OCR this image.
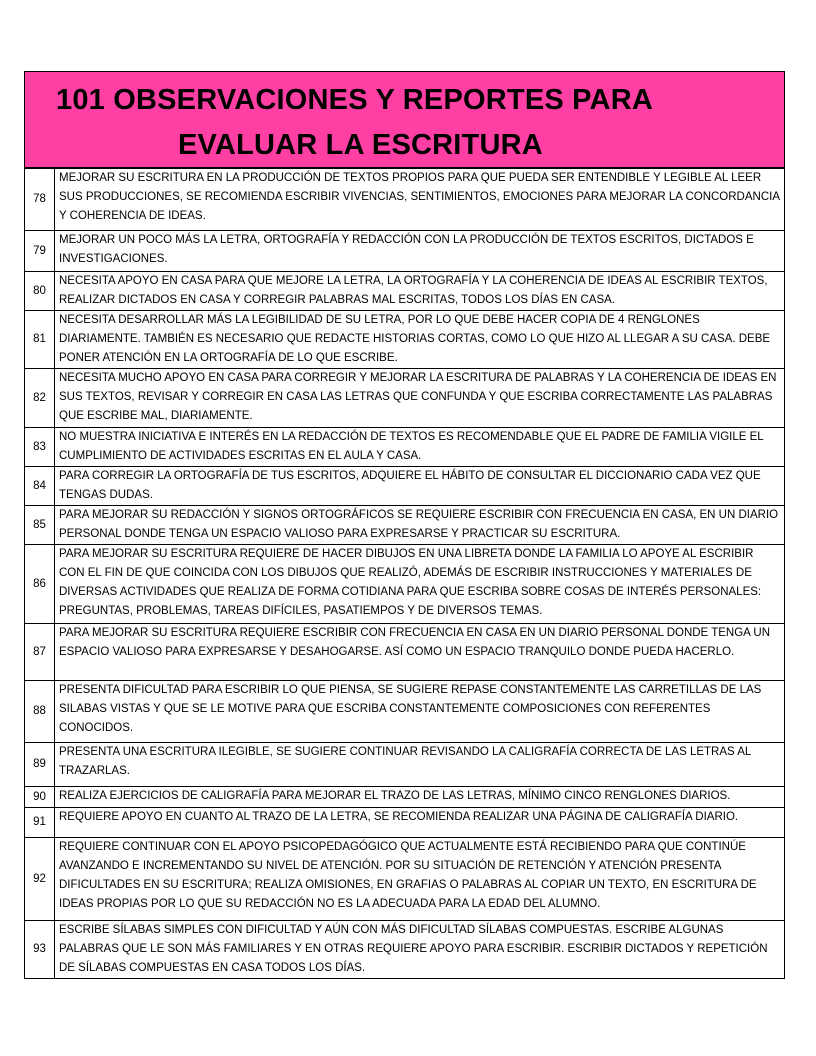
101 OBSERVACIONES Y REPORTES PARA
EVALUAR LA ESCRITURA
78	MEJORAR SU ESCRITURA EN LA PRODUCCIÓN DE TEXTOS PROPIOS PARA QUE PUEDA SER ENTENDIBLE Y LEGIBLE AL LEER SUS PRODUCCIONES, SE RECOMIENDA ESCRIBIR VIVENCIAS, SENTIMIENTOS, EMOCIONES PARA MEJORAR LA CONCORDANCIA Y COHERENCIA DE IDEAS.
79	MEJORAR UN POCO MÁS LA LETRA, ORTOGRAFÍA Y REDACCIÓN CON LA PRODUCCIÓN DE TEXTOS ESCRITOS, DICTADOS E INVESTIGACIONES.
80	NECESITA APOYO EN CASA PARA QUE MEJORE LA LETRA, LA ORTOGRAFÍA Y LA COHERENCIA DE IDEAS AL ESCRIBIR TEXTOS, REALIZAR DICTADOS EN CASA Y CORREGIR PALABRAS MAL ESCRITAS, TODOS LOS DÍAS EN CASA.
81	NECESITA DESARROLLAR MÁS LA LEGIBILIDAD DE SU LETRA, POR LO QUE DEBE HACER COPIA DE 4 RENGLONES DIARIAMENTE. TAMBIÉN ES NECESARIO QUE REDACTE HISTORIAS CORTAS, COMO LO QUE HIZO AL LLEGAR A SU CASA. DEBE PONER ATENCIÓN EN LA ORTOGRAFÍA DE LO QUE ESCRIBE.
82	NECESITA MUCHO APOYO EN CASA PARA CORREGIR Y MEJORAR LA ESCRITURA DE PALABRAS Y LA COHERENCIA DE IDEAS EN SUS TEXTOS, REVISAR Y CORREGIR EN CASA LAS LETRAS QUE CONFUNDA Y QUE ESCRIBA CORRECTAMENTE LAS PALABRAS QUE ESCRIBE MAL, DIARIAMENTE.
83	NO MUESTRA INICIATIVA E INTERÉS EN LA REDACCIÓN DE TEXTOS ES RECOMENDABLE QUE EL PADRE DE FAMILIA VIGILE EL CUMPLIMIENTO DE ACTIVIDADES ESCRITAS EN EL AULA Y CASA.
84	PARA CORREGIR LA ORTOGRAFÍA DE TUS ESCRITOS, ADQUIERE EL HÁBITO DE CONSULTAR EL DICCIONARIO CADA VEZ QUE TENGAS DUDAS.
85	PARA MEJORAR SU REDACCIÓN Y SIGNOS ORTOGRÁFICOS SE REQUIERE ESCRIBIR CON FRECUENCIA EN CASA, EN UN DIARIO PERSONAL DONDE TENGA UN ESPACIO VALIOSO PARA EXPRESARSE Y PRACTICAR SU ESCRITURA.
86	PARA MEJORAR SU ESCRITURA REQUIERE DE HACER DIBUJOS EN UNA LIBRETA DONDE LA FAMILIA LO APOYE AL ESCRIBIR CON EL FIN DE QUE COINCIDA CON LOS DIBUJOS QUE REALIZÓ, ADEMÁS DE ESCRIBIR INSTRUCCIONES Y MATERIALES DE DIVERSAS ACTIVIDADES QUE REALIZA DE FORMA COTIDIANA PARA QUE ESCRIBA SOBRE COSAS DE INTERÉS PERSONALES: PREGUNTAS, PROBLEMAS, TAREAS DIFÍCILES, PASATIEMPOS Y DE DIVERSOS TEMAS.
87	PARA MEJORAR SU ESCRITURA REQUIERE ESCRIBIR CON FRECUENCIA EN CASA EN UN DIARIO PERSONAL DONDE TENGA UN ESPACIO VALIOSO PARA EXPRESARSE Y DESAHOGARSE. ASÍ COMO UN ESPACIO TRANQUILO DONDE PUEDA HACERLO.
88	PRESENTA DIFICULTAD PARA ESCRIBIR LO QUE PIENSA, SE SUGIERE REPASE CONSTANTEMENTE LAS CARRETILLAS DE LAS SILABAS VISTAS Y QUE SE LE MOTIVE PARA QUE ESCRIBA CONSTANTEMENTE COMPOSICIONES CON REFERENTES CONOCIDOS.
89	PRESENTA UNA ESCRITURA ILEGIBLE, SE SUGIERE CONTINUAR REVISANDO LA CALIGRAFÍA CORRECTA DE LAS LETRAS AL TRAZARLAS.
90	REALIZA EJERCICIOS DE CALIGRAFÍA PARA MEJORAR EL TRAZO DE LAS LETRAS, MÍNIMO CINCO RENGLONES DIARIOS.
91	REQUIERE APOYO EN CUANTO AL TRAZO DE LA LETRA, SE RECOMIENDA REALIZAR UNA PÁGINA DE CALIGRAFÍA DIARIO.
92	REQUIERE CONTINUAR CON EL APOYO PSICOPEDAGÓGICO QUE ACTUALMENTE ESTÁ RECIBIENDO PARA QUE CONTINÚE AVANZANDO E INCREMENTANDO SU NIVEL DE ATENCIÓN. POR SU SITUACIÓN DE RETENCIÓN Y ATENCIÓN PRESENTA DIFICULTADES EN SU ESCRITURA; REALIZA OMISIONES, EN GRAFIAS O PALABRAS AL COPIAR UN TEXTO, EN ESCRITURA DE IDEAS PROPIAS POR LO QUE SU REDACCIÓN NO ES LA ADECUADA PARA LA EDAD DEL ALUMNO.
93	ESCRIBE SÍLABAS SIMPLES CON DIFICULTAD Y AÚN CON MÁS DIFICULTAD SÍLABAS COMPUESTAS. ESCRIBE ALGUNAS PALABRAS QUE LE SON MÁS FAMILIARES Y EN OTRAS REQUIERE APOYO PARA ESCRIBIR. ESCRIBIR DICTADOS Y REPETICIÓN DE SÍLABAS COMPUESTAS EN CASA TODOS LOS DÍAS.
